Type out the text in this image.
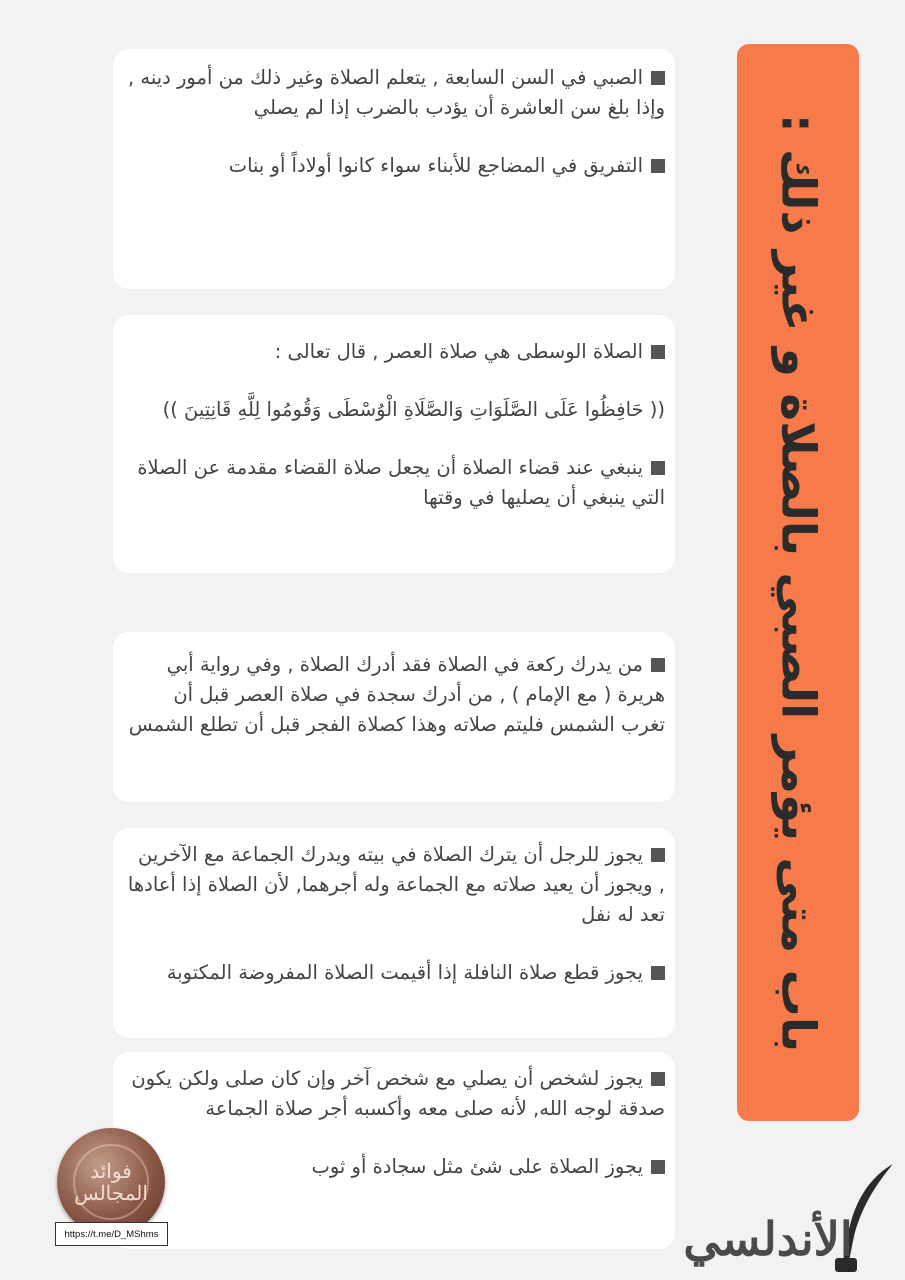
باب متى يؤمر الصبي بالصلاة و غير ذلك :

الصبي في السن السابعة , يتعلم الصلاة وغير ذلك من أمور دينه , وإذا بلغ سن العاشرة أن يؤدب بالضرب إذا لم يصلي

التفريق في المضاجع للأبناء سواء كانوا أولاداً أو بنات

الصلاة الوسطى هي صلاة العصر , قال تعالى :

(( حَافِظُوا عَلَى الصَّلَوَاتِ وَالصَّلَاةِ الْوُسْطَى وَقُومُوا لِلَّهِ قَانِتِينَ ))

ينبغي عند قضاء الصلاة أن يجعل صلاة القضاء مقدمة عن الصلاة التي ينبغي أن يصليها في وقتها

من يدرك ركعة في الصلاة فقد أدرك الصلاة , وفي رواية أبي هريرة ( مع الإمام ) , من أدرك سجدة في صلاة العصر قبل أن تغرب الشمس فليتم صلاته وهذا كصلاة الفجر قبل أن تطلع الشمس

يجوز للرجل أن يترك الصلاة في بيته ويدرك الجماعة مع الآخرين , ويجوز أن يعيد صلاته مع الجماعة وله أجرهما, لأن الصلاة إذا أعادها تعد له نفل

يجوز قطع صلاة النافلة إذا أقيمت الصلاة المفروضة المكتوبة

يجوز لشخص أن يصلي مع شخص آخر وإن كان صلى ولكن يكون صدقة لوجه الله, لأنه صلى معه وأكسبه أجر صلاة الجماعة

يجوز الصلاة على شئ مثل سجادة أو ثوب

فوائد المجالس
https://t.me/D_MShms	الأندلسي
